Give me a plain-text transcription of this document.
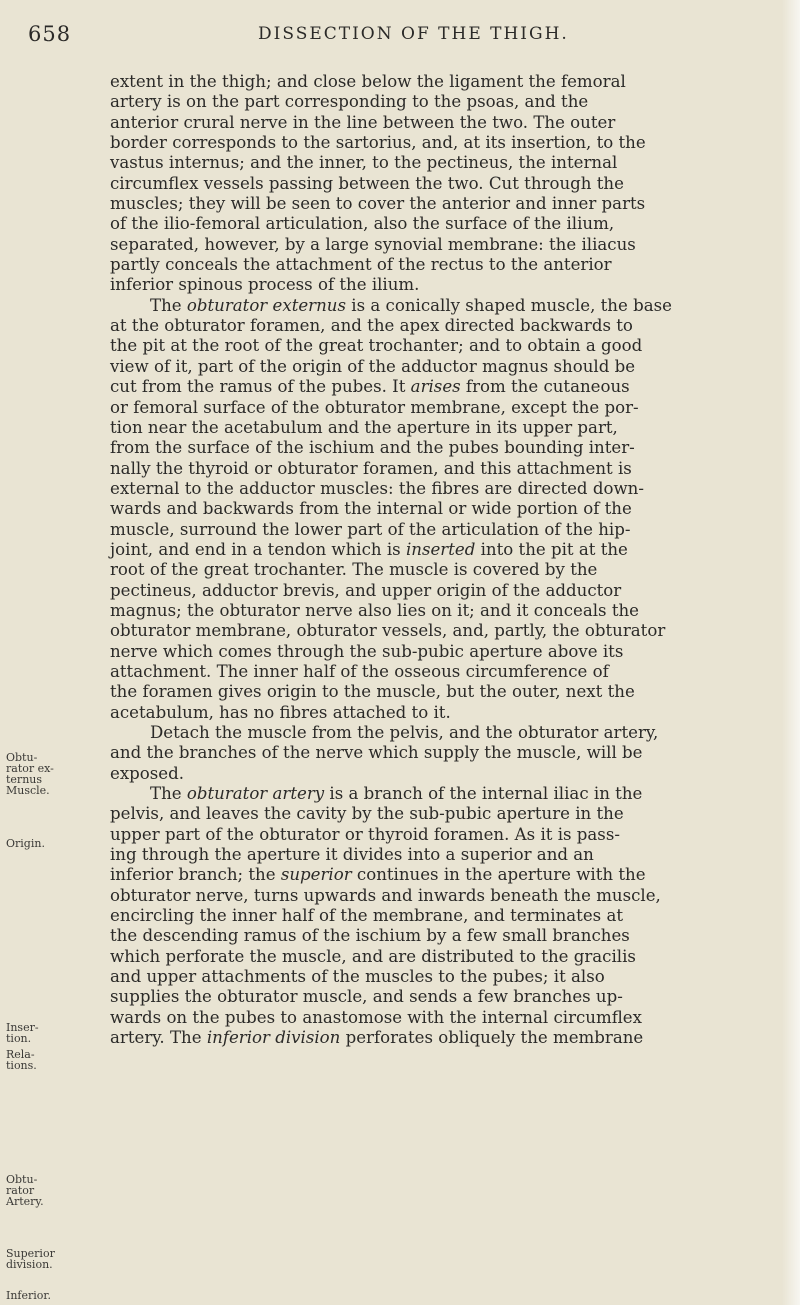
658	DISSECTION OF THE THIGH.
Obtu-
rator ex-
ternus
Muscle.
Origin.
Inser-
tion.
Rela-
tions.
Obtu-
rator
Artery.
Superior
division.
Inferior.

extent in the thigh; and close below the ligament the femoral
artery is on the part corresponding to the psoas, and the
anterior crural nerve in the line between the two. The outer
border corresponds to the sartorius, and, at its insertion, to the
vastus internus; and the inner, to the pectineus, the internal
circumflex vessels passing between the two. Cut through the
muscles; they will be seen to cover the anterior and inner parts
of the ilio-femoral articulation, also the surface of the ilium,
separated, however, by a large synovial membrane: the iliacus
partly conceals the attachment of the rectus to the anterior
inferior spinous process of the ilium.

The obturator externus is a conically shaped muscle, the base
at the obturator foramen, and the apex directed backwards to
the pit at the root of the great trochanter; and to obtain a good
view of it, part of the origin of the adductor magnus should be
cut from the ramus of the pubes. It arises from the cutaneous
or femoral surface of the obturator membrane, except the por-
tion near the acetabulum and the aperture in its upper part,
from the surface of the ischium and the pubes bounding inter-
nally the thyroid or obturator foramen, and this attachment is
external to the adductor muscles: the fibres are directed down-
wards and backwards from the internal or wide portion of the
muscle, surround the lower part of the articulation of the hip-
joint, and end in a tendon which is inserted into the pit at the
root of the great trochanter. The muscle is covered by the
pectineus, adductor brevis, and upper origin of the adductor
magnus; the obturator nerve also lies on it; and it conceals the
obturator membrane, obturator vessels, and, partly, the obturator
nerve which comes through the sub-pubic aperture above its
attachment. The inner half of the osseous circumference of
the foramen gives origin to the muscle, but the outer, next the
acetabulum, has no fibres attached to it.

Detach the muscle from the pelvis, and the obturator artery,
and the branches of the nerve which supply the muscle, will be
exposed.

The obturator artery is a branch of the internal iliac in the
pelvis, and leaves the cavity by the sub-pubic aperture in the
upper part of the obturator or thyroid foramen. As it is pass-
ing through the aperture it divides into a superior and an
inferior branch; the superior continues in the aperture with the
obturator nerve, turns upwards and inwards beneath the muscle,
encircling the inner half of the membrane, and terminates at
the descending ramus of the ischium by a few small branches
which perforate the muscle, and are distributed to the gracilis
and upper attachments of the muscles to the pubes; it also
supplies the obturator muscle, and sends a few branches up-
wards on the pubes to anastomose with the internal circumflex
artery. The inferior division perforates obliquely the membrane
